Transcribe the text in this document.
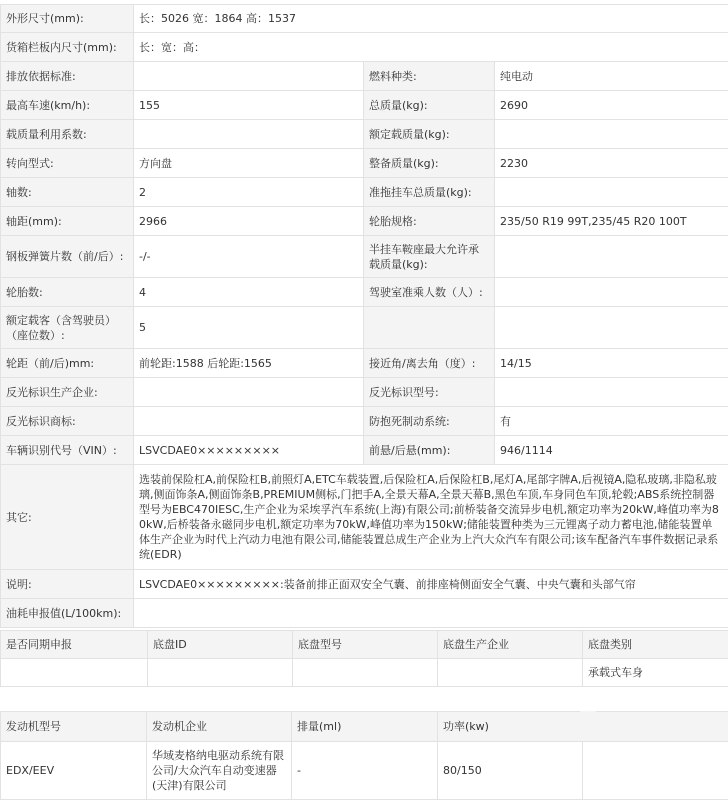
外形尺寸(mm):	长：5026 宽：1864 高：1537		
货箱栏板内尺寸(mm):	长：宽：高：		
排放依据标准:		燃料种类:	纯电动
最高车速(km/h):	155	总质量(kg):	2690
载质量利用系数:		额定载质量(kg):	
转向型式:	方向盘	整备质量(kg):	2230
轴数:	2	准拖挂车总质量(kg):	
轴距(mm):	2966	轮胎规格:	235/50 R19 99T,235/45 R20 100T
钢板弹簧片数（前/后）:	-/-	半挂车鞍座最大允许承载质量(kg):	
轮胎数:	4	驾驶室准乘人数（人）:	
额定载客（含驾驶员）（座位数）:	5		
轮距（前/后)mm:	前轮距:1588 后轮距:1565	接近角/离去角（度）:	14/15
反光标识生产企业:		反光标识型号:	
反光标识商标:		防抱死制动系统:	有
车辆识别代号（VIN）:	LSVCDAE0×××××××××	前悬/后悬(mm):	946/1114
其它:	选装前保险杠A,前保险杠B,前照灯A,ETC车载装置,后保险杠A,后保险杠B,尾灯A,尾部字牌A,后视镜A,隐私玻璃,非隐私玻璃,侧面饰条A,侧面饰条B,PREMIUM侧标,门把手A,全景天幕A,全景天幕B,黑色车顶,车身同色车顶,轮毂;ABS系统控制器型号为EBC470IESC,生产企业为采埃孚汽车系统(上海)有限公司;前桥装备交流异步电机,额定功率为20kW,峰值功率为80kW,后桥装备永磁同步电机,额定功率为70kW,峰值功率为150kW;储能装置种类为三元锂离子动力蓄电池,储能装置单体生产企业为时代上汽动力电池有限公司,储能装置总成生产企业为上汽大众汽车有限公司;该车配备汽车事件数据记录系统(EDR)		
说明:	LSVCDAE0×××××××××:装备前排正面双安全气囊、前排座椅侧面安全气囊、中央气囊和头部气帘		
油耗申报值(L/100km):			
是否同期申报	底盘ID	底盘型号	底盘生产企业	底盘类别
				承载式车身
发动机型号	发动机企业	排量(ml)	功率(kw)	
EDX/EEV	华域麦格纳电驱动系统有限公司/大众汽车自动变速器(天津)有限公司	-	80/150	
